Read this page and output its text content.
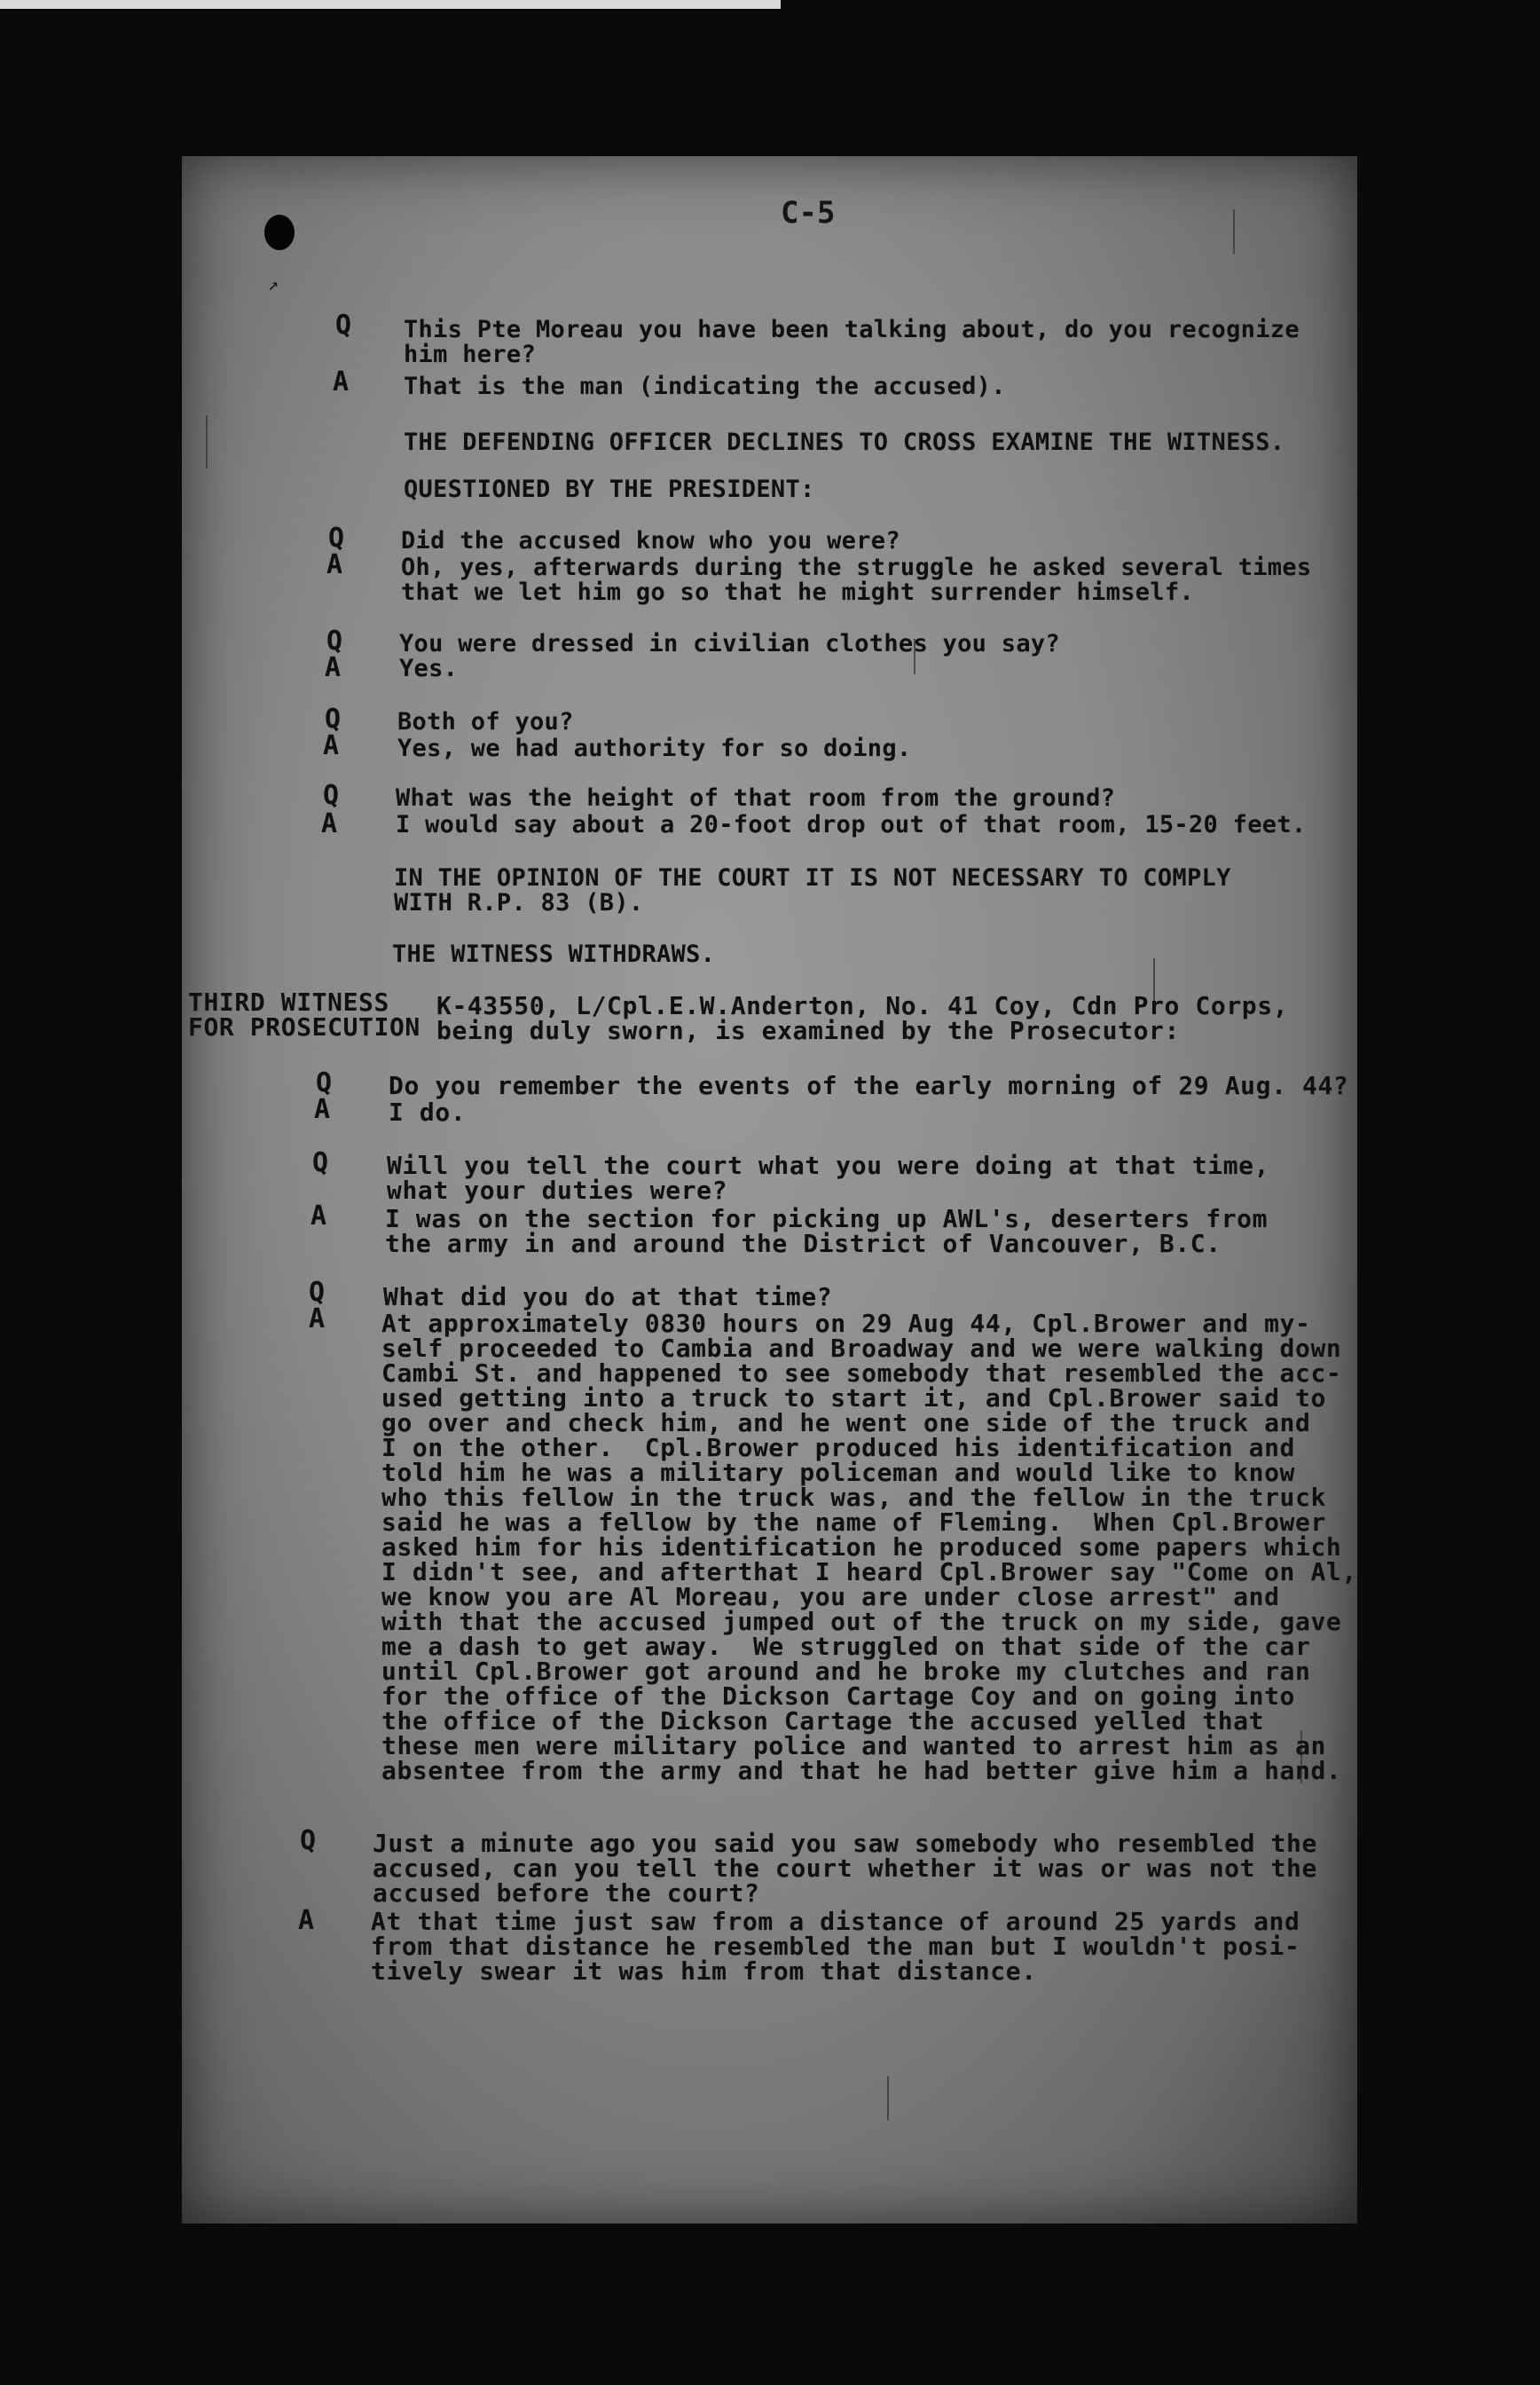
↗
C-5
Q This Pte Moreau you have been talking about, do you recognize
him here?
A That is the man (indicating the accused).
THE DEFENDING OFFICER DECLINES TO CROSS EXAMINE THE WITNESS.
QUESTIONED BY THE PRESIDENT:
Q Did the accused know who you were?
A Oh, yes, afterwards during the struggle he asked several times
that we let him go so that he might surrender himself.
Q You were dressed in civilian clothes you say?
A Yes.
Q Both of you?
A Yes, we had authority for so doing.
Q What was the height of that room from the ground?
A I would say about a 20-foot drop out of that room, 15-20 feet.
IN THE OPINION OF THE COURT IT IS NOT NECESSARY TO COMPLY
WITH R.P. 83 (B).
THE WITNESS WITHDRAWS.
THIRD WITNESS
FOR PROSECUTION
K-43550, L/Cpl.E.W.Anderton, No. 41 Coy, Cdn Pro Corps,
being duly sworn, is examined by the Prosecutor:
Q Do you remember the events of the early morning of 29 Aug. 44?
A I do.
Q Will you tell the court what you were doing at that time,
what your duties were?
A I was on the section for picking up AWL's, deserters from
the army in and around the District of Vancouver, B.C.
Q What did you do at that time?
A At approximately 0830 hours on 29 Aug 44, Cpl.Brower and my-
self proceeded to Cambia and Broadway and we were walking down
Cambi St. and happened to see somebody that resembled the acc-
used getting into a truck to start it, and Cpl.Brower said to
go over and check him, and he went one side of the truck and
I on the other.  Cpl.Brower produced his identification and
told him he was a military policeman and would like to know
who this fellow in the truck was, and the fellow in the truck
said he was a fellow by the name of Fleming.  When Cpl.Brower
asked him for his identification he produced some papers which
I didn't see, and afterthat I heard Cpl.Brower say "Come on Al,
we know you are Al Moreau, you are under close arrest" and
with that the accused jumped out of the truck on my side, gave
me a dash to get away.  We struggled on that side of the car
until Cpl.Brower got around and he broke my clutches and ran
for the office of the Dickson Cartage Coy and on going into
the office of the Dickson Cartage the accused yelled that
these men were military police and wanted to arrest him as an
absentee from the army and that he had better give him a hand.
Q Just a minute ago you said you saw somebody who resembled the
accused, can you tell the court whether it was or was not the
accused before the court?
A At that time just saw from a distance of around 25 yards and
from that distance he resembled the man but I wouldn't posi-
tively swear it was him from that distance.
